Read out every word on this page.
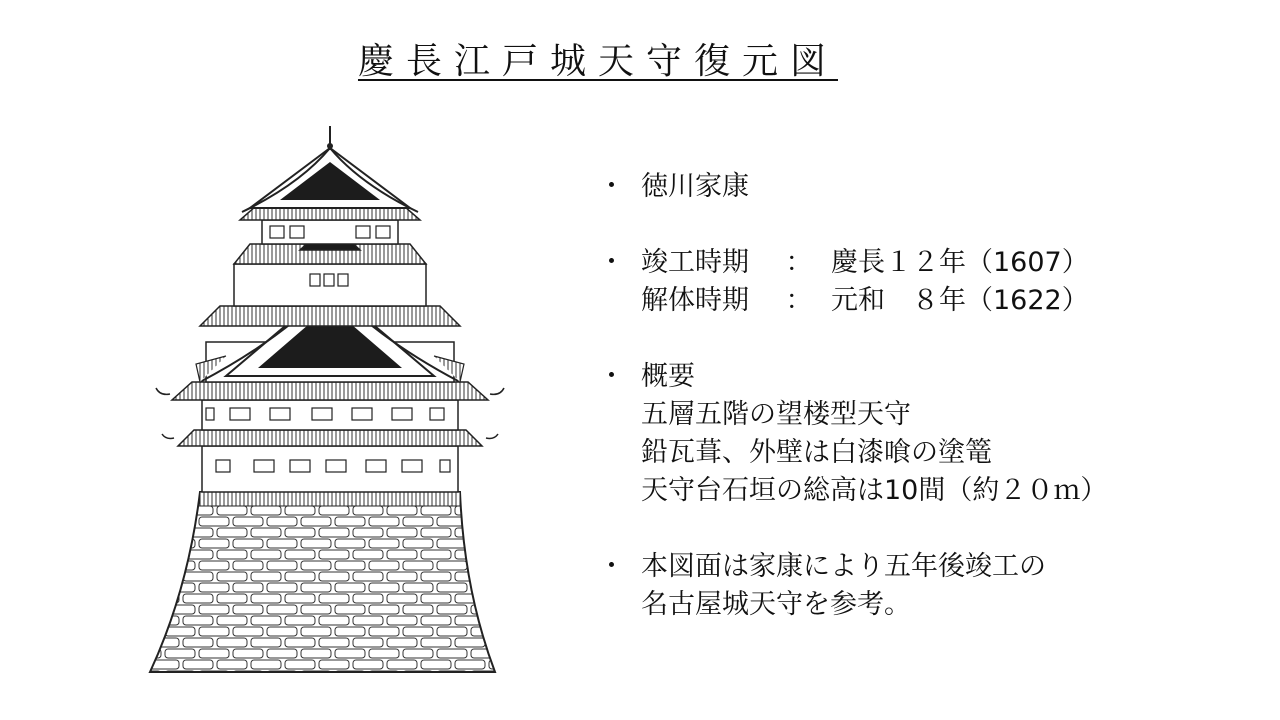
慶長江戸城天守復元図
・ 徳川家康
・ 竣工時期	： 慶長１２年（1607）
解体時期	： 元和　８年（1622）
・ 概要
五層五階の望楼型天守
鉛瓦葺、外壁は白漆喰の塗篭
天守台石垣の総高は10間（約２０ｍ）
・ 本図面は家康により五年後竣工の
名古屋城天守を参考。
